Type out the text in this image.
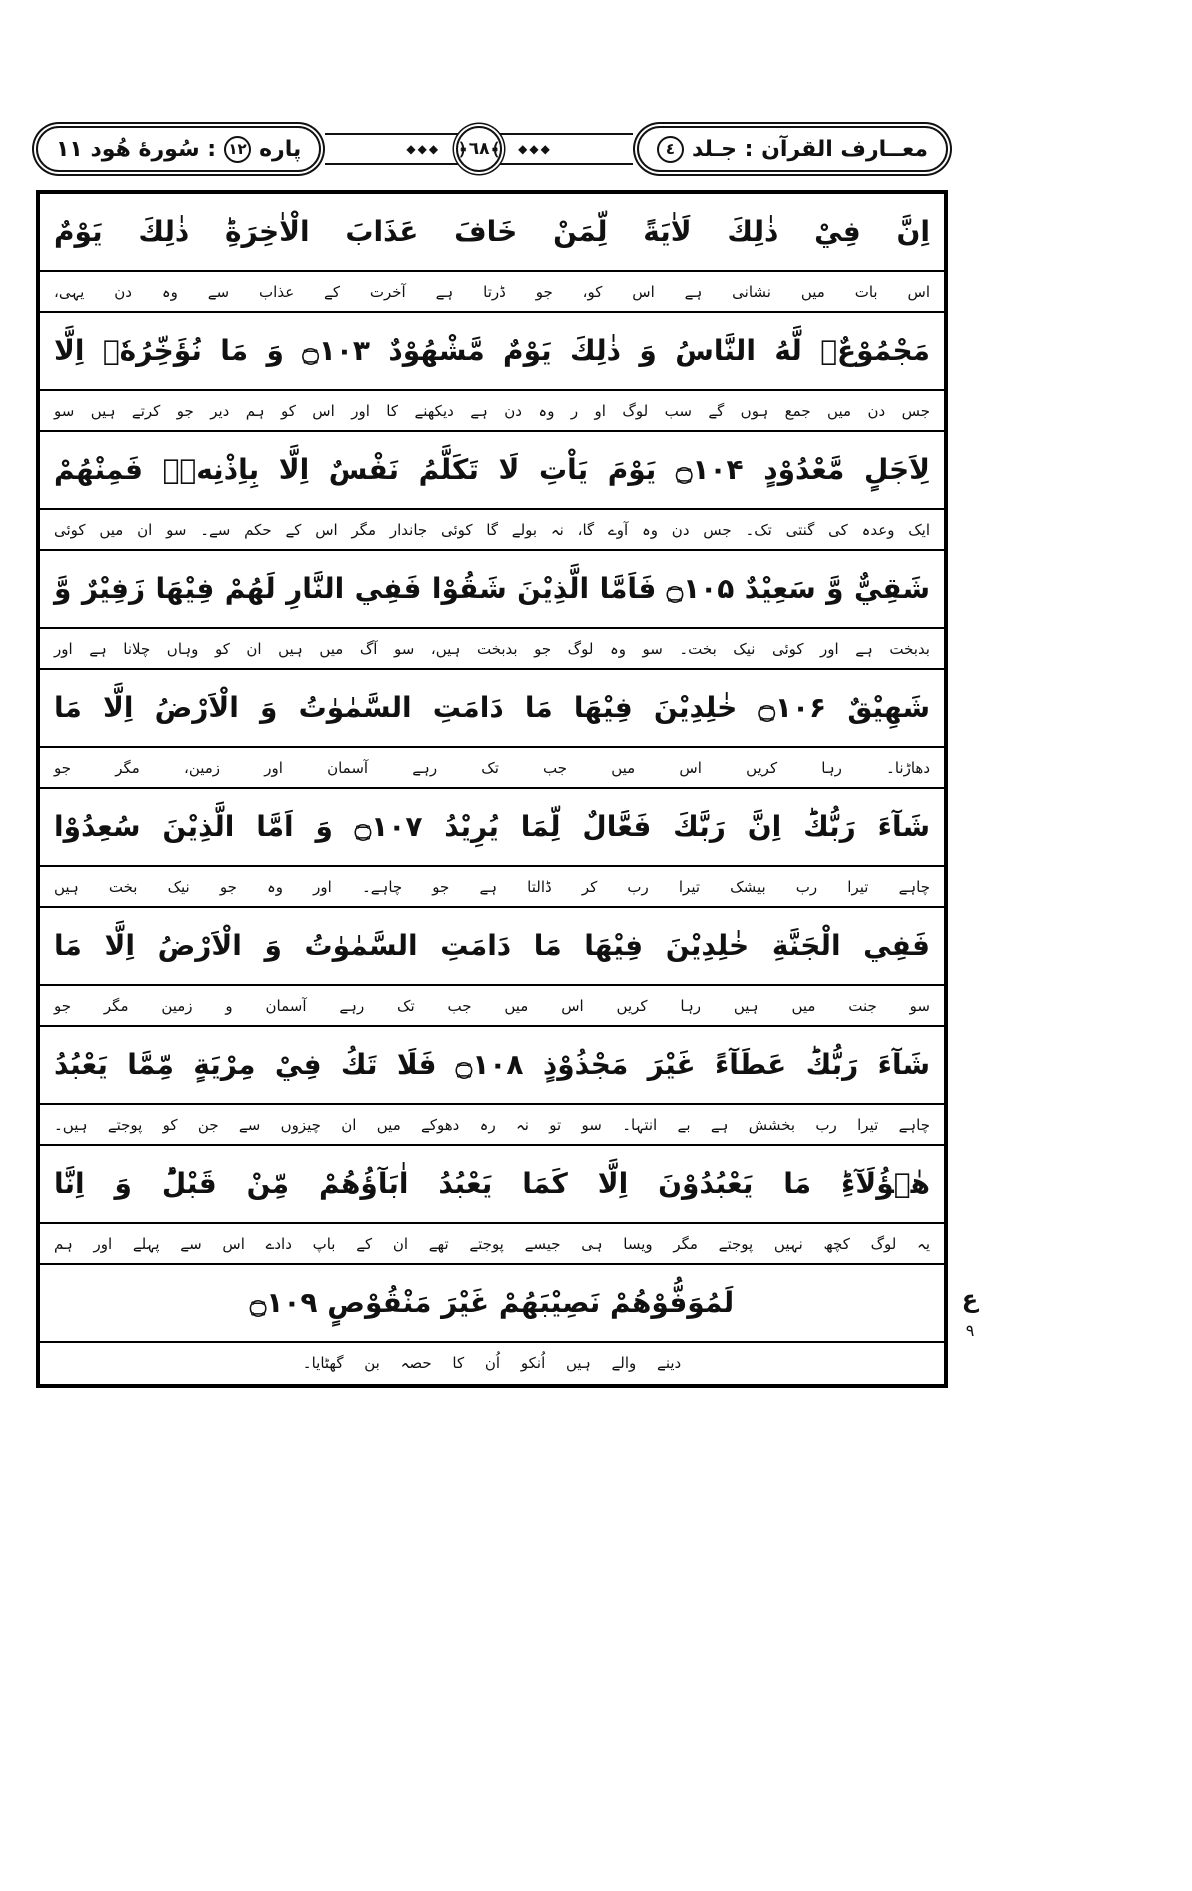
معــارف القرآن : جـلد
٤
◆◆◆
﴾
٦٨
﴿
◆◆◆
پاره
۱۲
: سُورهٔ هُود ۱۱
اِنَّ فِيْ ذٰلِكَ لَاٰيَةً لِّمَنْ خَافَ عَذَابَ الْاٰخِرَةِؕ ذٰلِكَ يَوْمٌ
اس بات میں نشانی ہے اس کو، جو ڈرتا ہے آخرت کے عذاب سے وہ دن یہی،
مَجْمُوْعٌۙ لَّهُ النَّاسُ وَ ذٰلِكَ يَوْمٌ مَّشْهُوْدٌ ۝۱۰۳ وَ مَا نُؤَخِّرُهٗۤ اِلَّا
جس دن میں جمع ہوں گے سب لوگ او ر وہ دن ہے دیکھنے کا اور اس کو ہم دیر جو کرتے ہیں سو
لِاَجَلٍ مَّعْدُوْدٍ ۝۱۰۴ يَوْمَ يَاْتِ لَا تَكَلَّمُ نَفْسٌ اِلَّا بِاِذْنِهٖۚ فَمِنْهُمْ
ایک وعدہ کی گنتی تک۔ جس دن وہ آوے گا، نہ بولے گا کوئی جاندار مگر اس کے حکم سے۔ سو ان میں کوئی
شَقِيٌّ وَّ سَعِيْدٌ ۝۱۰۵ فَاَمَّا الَّذِيْنَ شَقُوْا فَفِي النَّارِ لَهُمْ فِيْهَا زَفِيْرٌ وَّ
بدبخت ہے اور کوئی نیک بخت۔ سو وہ لوگ جو بدبخت ہیں، سو آگ میں ہیں ان کو وہاں چلانا ہے اور
شَهِيْقٌ ۝۱۰۶ خٰلِدِيْنَ فِيْهَا مَا دَامَتِ السَّمٰوٰتُ وَ الْاَرْضُ اِلَّا مَا
دھاڑنا۔ رہا کریں اس میں جب تک رہے آسمان اور زمین، مگر جو
شَآءَ رَبُّكَؕ اِنَّ رَبَّكَ فَعَّالٌ لِّمَا يُرِيْدُ ۝۱۰۷ وَ اَمَّا الَّذِيْنَ سُعِدُوْا
چاہے تیرا رب بیشک تیرا رب کر ڈالتا ہے جو چاہے۔ اور وہ جو نیک بخت ہیں
فَفِي الْجَنَّةِ خٰلِدِيْنَ فِيْهَا مَا دَامَتِ السَّمٰوٰتُ وَ الْاَرْضُ اِلَّا مَا
سو جنت میں ہیں رہا کریں اس میں جب تک رہے آسمان و زمین مگر جو
شَآءَ رَبُّكَؕ عَطَآءً غَيْرَ مَجْذُوْذٍ ۝۱۰۸ فَلَا تَكُ فِيْ مِرْيَةٍ مِّمَّا يَعْبُدُ
چاہے تیرا رب بخشش ہے بے انتہا۔ سو تو نہ رہ دھوکے میں ان چیزوں سے جن کو پوجتے ہیں۔
هٰۤؤُلَآءِؕ مَا يَعْبُدُوْنَ اِلَّا كَمَا يَعْبُدُ اٰبَآؤُهُمْ مِّنْ قَبْلُؕ وَ اِنَّا
یہ لوگ کچھ نہیں پوجتے مگر ویسا ہی جیسے پوجتے تھے ان کے باپ دادے اس سے پہلے اور ہم
لَمُوَفُّوْهُمْ نَصِيْبَهُمْ غَيْرَ مَنْقُوْصٍ ۝۱۰۹
دینے والے ہیں اُنکو اُن کا حصہ بن گھٹایا۔
ع
۹
